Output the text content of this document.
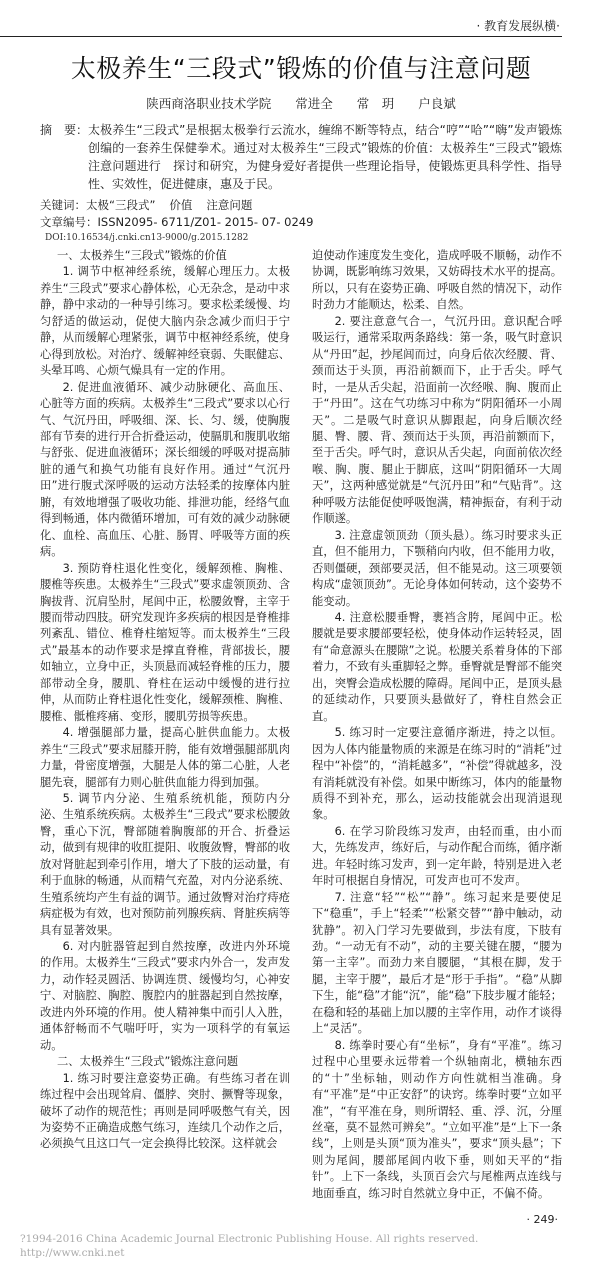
· 教育发展纵横·
太极养生“三段式”锻炼的价值与注意问题
陕西商洛职业技术学院 常进全 常　玥 户良斌
摘　要： 太极养生“三段式”是根据太极拳行云流水，缠绵不断等特点，结合“哼”“哈”“嗨”发声锻炼创编的一套养生保健拳术。通过对太极养生“三段式”锻炼的价值：太极养生“三段式”锻炼注意问题进行　探讨和研究，为健身爱好者提供一些理论指导，使锻炼更具科学性、指导性、实效性，促进健康，惠及于民。
关键词：太极“三段式” 价值 注意问题
文章编号：ISSN2095- 6711/Z01- 2015- 07- 0249
DOI:10.16534/j.cnki.cn13-9000/g.2015.1282

一、太极养生“三段式”锻炼的价值

1. 调节中枢神经系统，缓解心理压力。太极养生“三段式”要求心静体松，心无杂念，是动中求静，静中求动的一种导引练习。要求松柔缓慢、均匀舒适的做运动，促使大脑内杂念减少而归于宁静，从而缓解心理紧张，调节中枢神经系统，使身心得到放松。对治疗、缓解神经衰弱、失眠健忘、头晕耳鸣、心烦气燥具有一定的作用。

2. 促进血液循环、减少动脉硬化、高血压、心脏等方面的疾病。太极养生“三段式”要求以心行气、气沉丹田，呼吸细、深、长、匀、缓，使胸腹部有节奏的进行开合折叠运动，使膈肌和腹肌收缩与舒张、促进血液循环；深长细缓的呼吸对提高肺脏的通气和换气功能有良好作用。通过“气沉丹田”进行腹式深呼吸的运动方法轻柔的按摩体内脏腑，有效地增强了吸收功能、排泄功能，经络气血得到畅通，体内微循环增加，可有效的减少动脉硬化、血栓、高血压、心脏、肠胃、呼吸等方面的疾病。

3. 预防脊柱退化性变化，缓解颈椎、胸椎、腰椎等疾患。太极养生“三段式”要求虚领顶劲、含胸拔背、沉肩坠肘，尾闾中正，松腰敛臀，主宰于腰而带动四肢。研究发现许多疾病的根因是脊椎排列紊乱、错位、椎脊柱缩短等。而太极养生“三段式”最基本的动作要求是撑直脊椎，背部拔长，腰如轴立，立身中正，头顶悬而减轻脊椎的压力，腰部带动全身，腰肌、脊柱在运动中缓慢的进行拉伸，从而防止脊柱退化性变化，缓解颈椎、胸椎、腰椎、骶椎疼痛、变形，腰肌劳损等疾患。

4. 增强腿部力量，提高心脏供血能力。太极养生“三段式”要求屈膝开胯，能有效增强腿部肌肉力量，骨密度增强，大腿是人体的第二心脏，人老腿先衰，腿部有力则心脏供血能力得到加强。

5. 调节内分泌、生殖系统机能，预防内分泌、生殖系统疾病。太极养生“三段式”要求松腰敛臀，重心下沉，臀部随着胸腹部的开合、折叠运动，做到有规律的收肛提阳、收腹敛臀，臀部的收放对肾脏起到牵引作用，增大了下肢的运动量，有利于血脉的畅通，从而精气充盈，对内分泌系统、生殖系统均产生有益的调节。通过敛臀对治疗痔疮病症极为有效，也对预防前列腺疾病、肾脏疾病等具有显著效果。

6. 对内脏器管起到自然按摩，改进内外环境的作用。太极养生“三段式”要求内外合一，发声发力，动作轻灵圆活、协调连贯、缓慢均匀，心神安宁、对脑腔、胸腔、腹腔内的脏器起到自然按摩，改进内外环境的作用。使人精神集中而引人入胜，通体舒畅而不气喘吁吁，实为一项科学的有氧运动。

二、太极养生“三段式”锻炼注意问题

1. 练习时要注意姿势正确。有些练习者在训练过程中会出现耸肩、僵脖、突肘、撅臀等现象，破坏了动作的规范性；再则是同呼吸憋气有关，因为姿势不正确造成憋气练习，连续几个动作之后，必须换气且这口气一定会换得比较深。这样就会

迫使动作速度发生变化，造成呼吸不顺畅，动作不协调，既影响练习效果，又妨碍技术水平的提高。所以，只有在姿势正确、呼吸自然的情况下，动作时劲力才能顺达，松柔、自然。

2. 要注意意气合一，气沉丹田。意识配合呼吸运行，通常采取两条路线：第一条，吸气时意识从“丹田”起，抄尾闾而过，向身后依次经腰、背、颈而达于头顶，再沿前额而下，止于舌尖。呼气时，一是从舌尖起，沿面前一次经喉、胸、腹而止于“丹田”。这在气功练习中称为“阴阳循环一小周天”。二是吸气时意识从脚跟起，向身后顺次经腿、臀、腰、背、颈而达于头顶，再沿前额而下，至于舌尖。呼气时，意识从舌尖起，向面前依次经喉、胸、腹、腿止于脚底，这叫“阴阳循环一大周天”，这两种感觉就是“气沉丹田”和“气贴背”。这种呼吸方法能促使呼吸饱满，精神振奋，有利于动作顺遂。

3. 注意虚领顶劲（顶头悬）。练习时要求头正直，但不能用力，下颚稍向内收，但不能用力收，否则僵硬，颈部要灵活，但不能晃动。这三项要领构成“虚领顶劲”。无论身体如何转动，这个姿势不能变动。

4. 注意松腰垂臀，裹裆含胯，尾闾中正。松腰就是要求腰部要轻松，使身体动作运转轻灵，固有“命意源头在腰隙”之说。松腰关系着身体的下部着力，不致有头重脚轻之弊。垂臀就是臀部不能突出，突臀会造成松腰的障碍。尾闾中正，是顶头悬的延续动作，只要顶头悬做好了，脊柱自然会正直。

5. 练习时一定要注意循序渐进，持之以恒。因为人体内能量物质的来源是在练习时的“消耗”过程中“补偿”的，“消耗越多”，“补偿”得就越多，没有消耗就没有补偿。如果中断练习，体内的能量物质得不到补充，那么，运动技能就会出现消退现象。

6. 在学习阶段练习发声，由轻而重，由小而大，先练发声，练好后，与动作配合而练，循序渐进。年轻时练习发声，到一定年龄，特别是进入老年时可根据自身情况，可发声也可不发声。

7. 注意“轻”“松”“静”。练习起来是要使足下“稳重”，手上“轻柔”“松紧交替”“静中触动，动犹静”。初入门学习先要做到，步法有度，下肢有劲。“一动无有不动”，动的主要关键在腰，“腰为第一主宰”。而劲力来自腰腿，“其根在脚，发于腿，主宰于腰”，最后才是“形于手指”。“稳”从脚下生，能“稳”才能“沉”，能“稳”下肢步履才能轻；在稳和轻的基础上加以腰的主宰作用，动作才谈得上“灵活”。

8. 练拳时要心有“坐标”，身有“平准”。练习过程中心里要永远带着一个纵轴南北，横轴东西的“十”坐标轴，则动作方向性就相当准确。身有“平准”是“中正安舒”的诀窍。练拳时要“立如平准”，“有平准在身，则所谓轻、重、浮、沉，分厘丝毫，莫不显然可辨矣”。“立如平准”是“上下一条线”，上则是头顶“顶为准头”，要求“顶头悬”；下则为尾闾，腰部尾闾内收下垂，则如天平的“指针”。上下一条线，头顶百会穴与尾椎两点连线与地面垂直，练习时自然就立身中正，不偏不倚。

· 249·
?1994-2016 China Academic Journal Electronic Publishing House. All rights reserved. http://www.cnki.net
